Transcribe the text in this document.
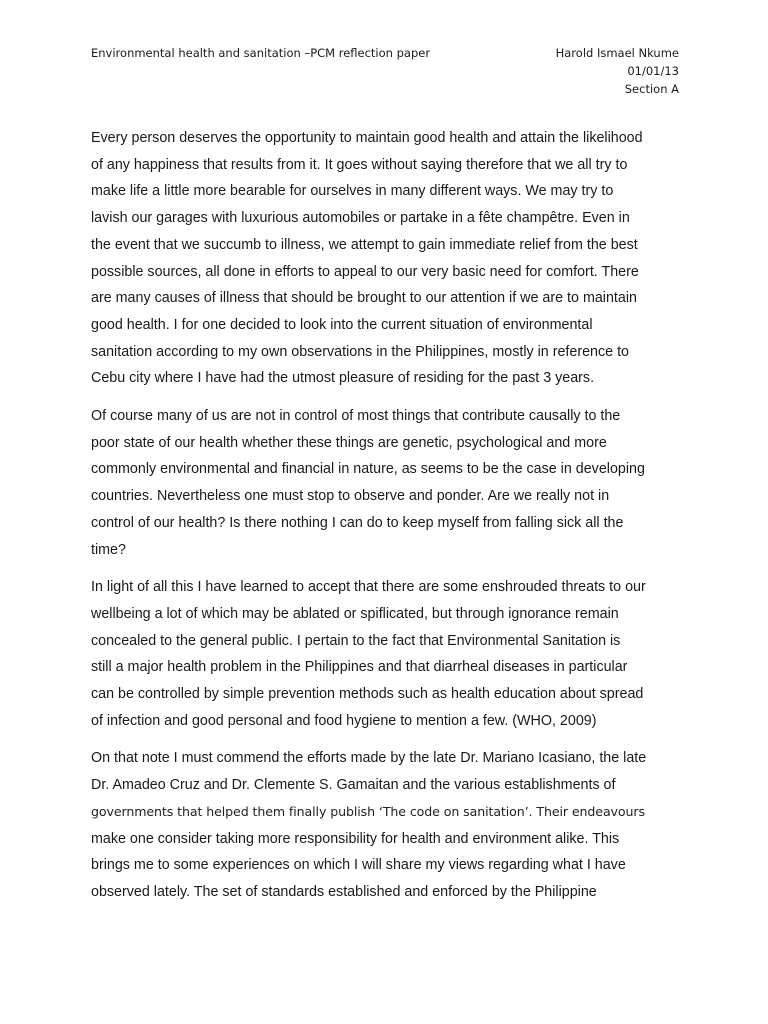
Environmental health and sanitation –PCM reflection paper	Harold Ismael Nkume
01/01/13
Section A

Every person deserves the opportunity to maintain good health and attain the likelihood
of any happiness that results from it. It goes without saying therefore that we all try to
make life a little more bearable for ourselves in many different ways. We may try to
lavish our garages with luxurious automobiles or partake in a fête champêtre. Even in
the event that we succumb to illness, we attempt to gain immediate relief from the best
possible sources, all done in efforts to appeal to our very basic need for comfort. There
are many causes of illness that should be brought to our attention if we are to maintain
good health. I for one decided to look into the current situation of environmental
sanitation according to my own observations in the Philippines, mostly in reference to
Cebu city where I have had the utmost pleasure of residing for the past 3 years.

Of course many of us are not in control of most things that contribute causally to the
poor state of our health whether these things are genetic, psychological and more
commonly environmental and financial in nature, as seems to be the case in developing
countries. Nevertheless one must stop to observe and ponder. Are we really not in
control of our health? Is there nothing I can do to keep myself from falling sick all the
time?

In light of all this I have learned to accept that there are some enshrouded threats to our
wellbeing a lot of which may be ablated or spiflicated, but through ignorance remain
concealed to the general public. I pertain to the fact that Environmental Sanitation is
still a major health problem in the Philippines and that diarrheal diseases in particular
can be controlled by simple prevention methods such as health education about spread
of infection and good personal and food hygiene to mention a few. (WHO, 2009)

On that note I must commend the efforts made by the late Dr. Mariano Icasiano, the late
Dr. Amadeo Cruz and Dr. Clemente S. Gamaitan and the various establishments of
governments that helped them finally publish ‘The code on sanitation’. Their endeavours
make one consider taking more responsibility for health and environment alike. This
brings me to some experiences on which I will share my views regarding what I have
observed lately. The set of standards established and enforced by the Philippine
